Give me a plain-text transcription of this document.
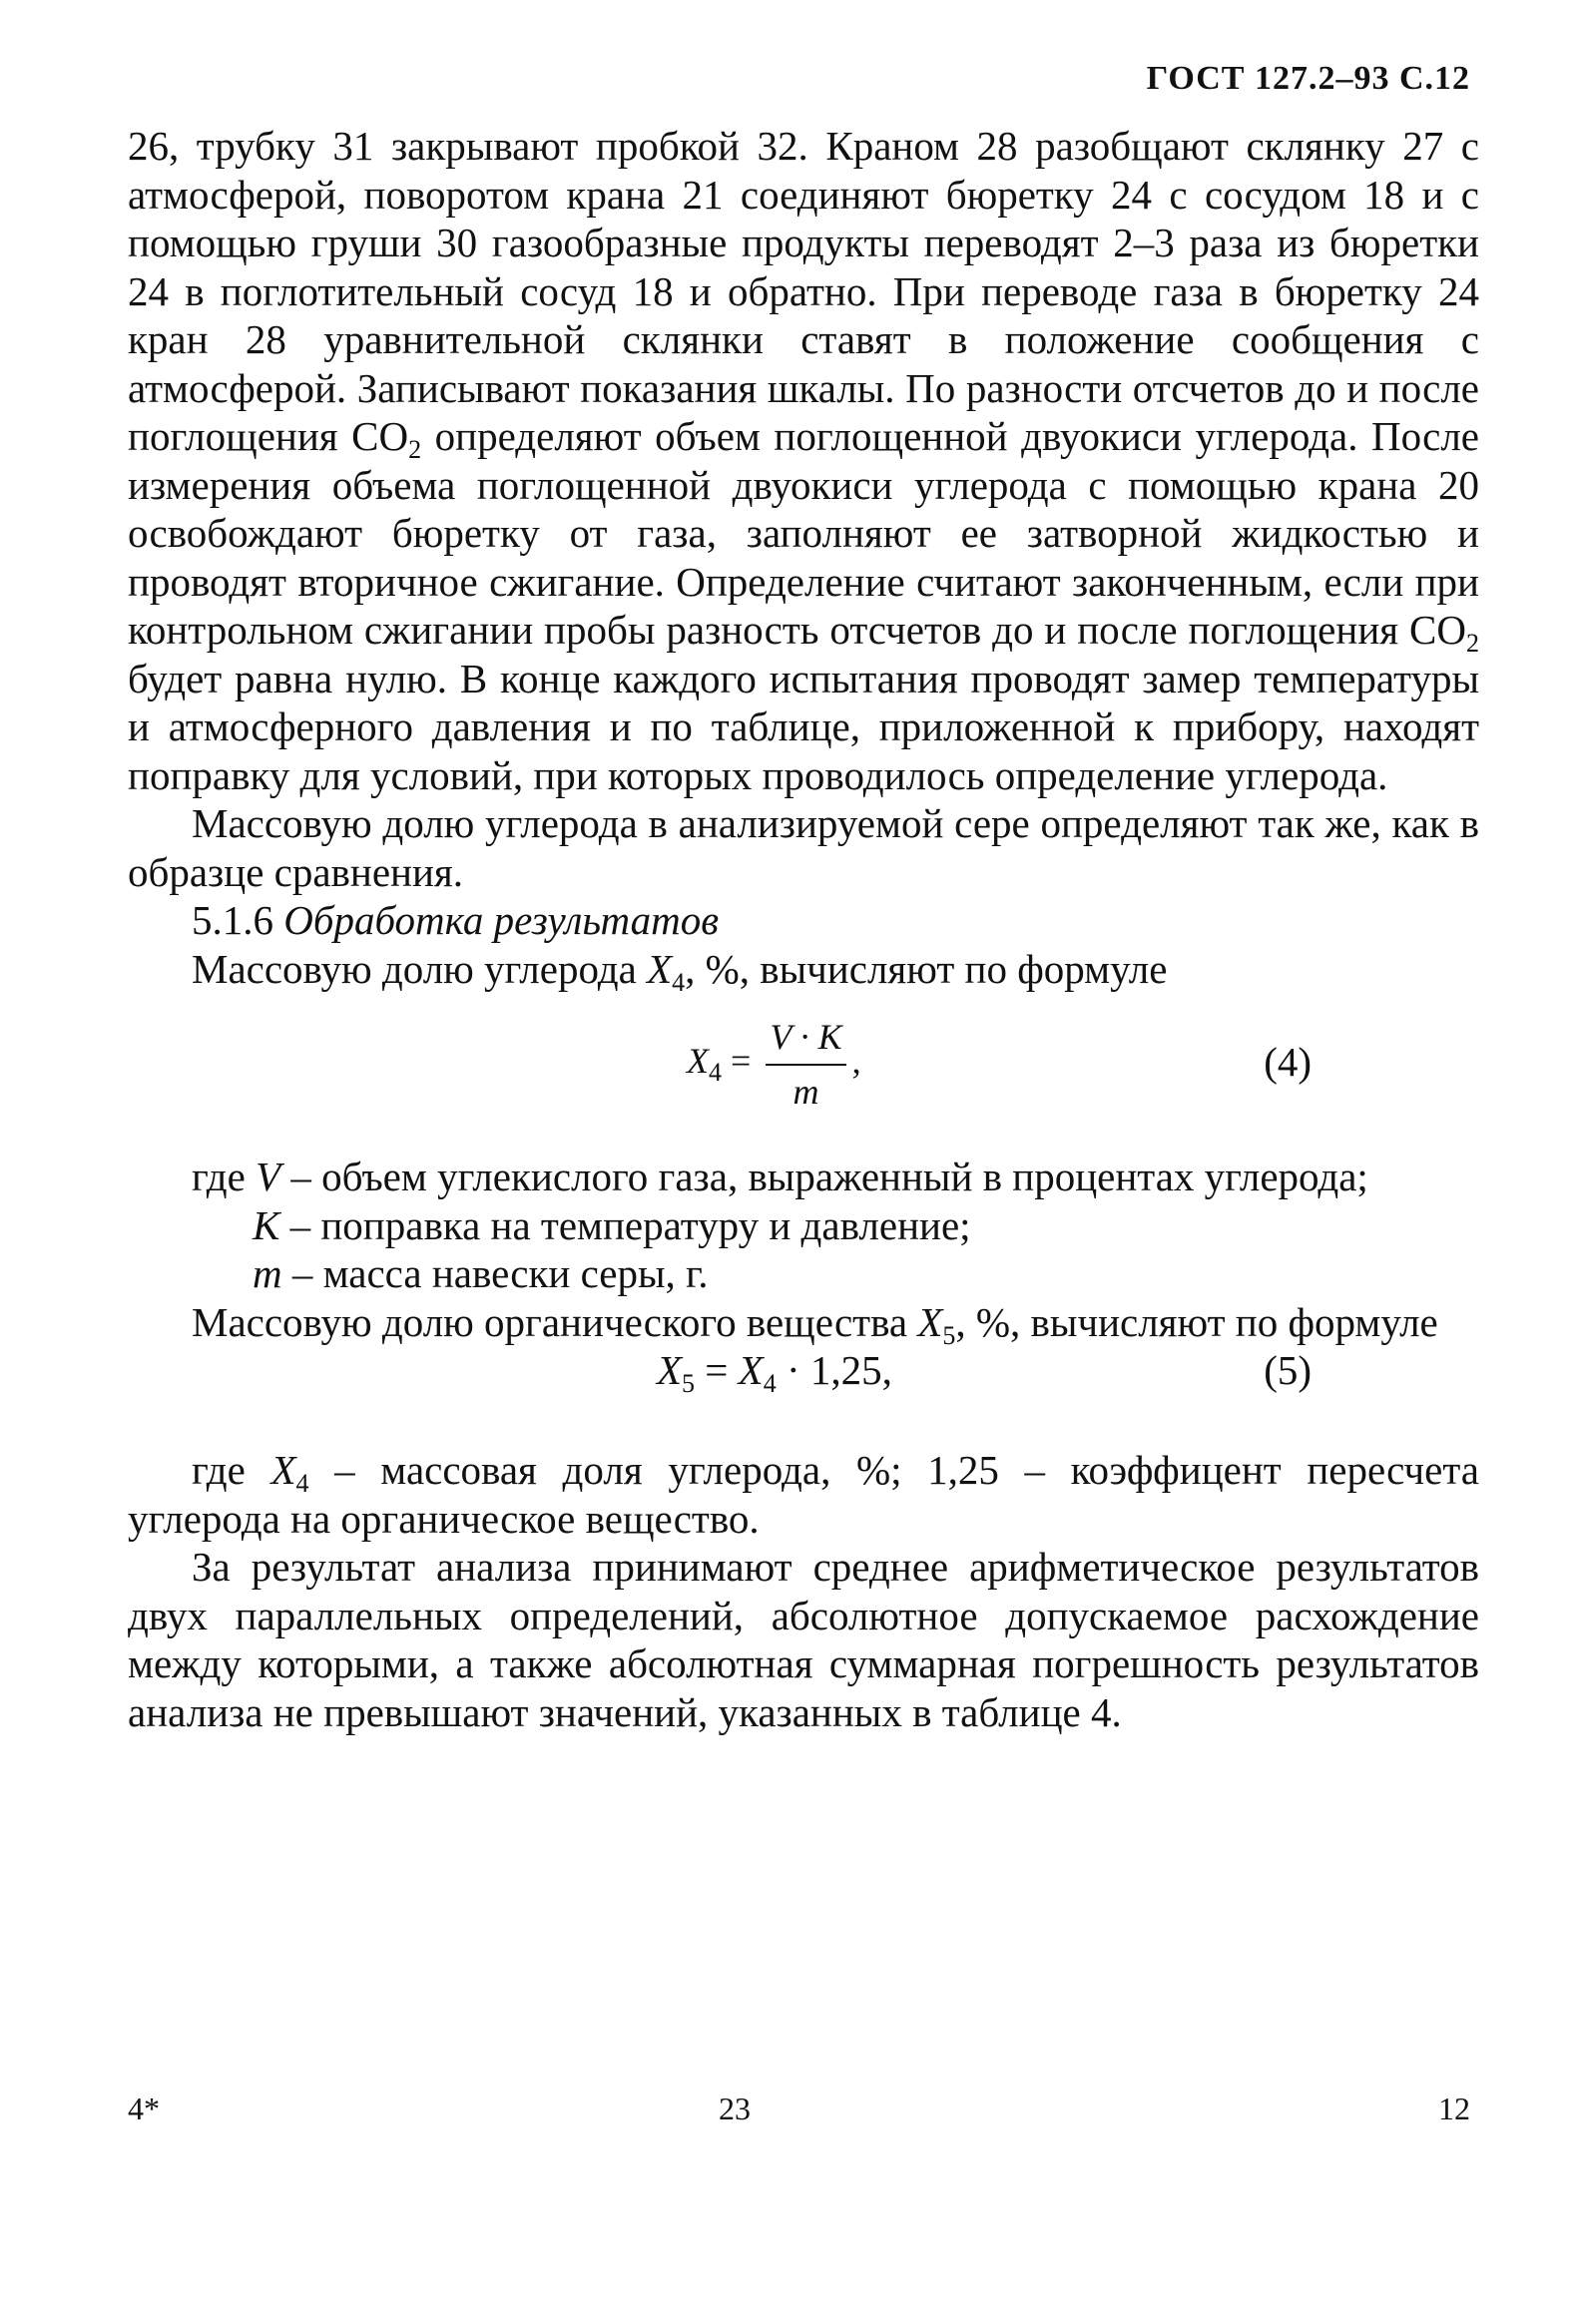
ГОСТ 127.2–93 С.12

26, трубку 31 закрывают пробкой 32. Краном 28 разобщают склянку 27 с атмосферой, поворотом крана 21 соединяют бюретку 24 с сосудом 18 и с помощью груши 30 газообразные продукты переводят 2–3 раза из бюретки 24 в поглотительный сосуд 18 и обратно. При переводе газа в бюретку 24 кран 28 уравнительной склянки ставят в положение сообщения с атмосферой. Записывают показания шкалы. По разности отсчетов до и после поглощения $СО_2$ определяют объем поглощенной двуокиси углерода. После измерения объема поглощенной двуокиси углерода с помощью крана 20 освобождают бюретку от газа, заполняют ее затворной жидкостью и проводят вторичное сжигание. Определение считают законченным, если при контрольном сжигании пробы разность отсчетов до и после поглощения $СО_2$ будет равна нулю. В конце каждого испытания проводят замер температуры и атмосферного давления и по таблице, приложенной к прибору, находят поправку для условий, при которых проводилось определение углерода.

Массовую долю углерода в анализируемой сере определяют так же, как в образце сравнения.

5.1.6 Обработка результатов

Массовую долю углерода $X_4$, %, вычисляют по формуле

$X_4 = \frac{V \cdot K}{m}$ ,	(4)

где V – объем углекислого газа, выраженный в процентах углерода;

K – поправка на температуру и давление;

m – масса навески серы, г.

Массовую долю органического вещества $X_5$, %, вычисляют по формуле

$X_5 = X_4 \cdot 1,25$,	(5)

где $X_4$ – массовая доля углерода, %; 1,25 – коэффицент пересчета углерода на органическое вещество.

За результат анализа принимают среднее арифметическое результатов двух параллельных определений, абсолютное допускаемое расхождение между которыми, а также абсолютная суммарная погрешность результатов анализа не превышают значений, указанных в таблице 4.

4*	23	12
